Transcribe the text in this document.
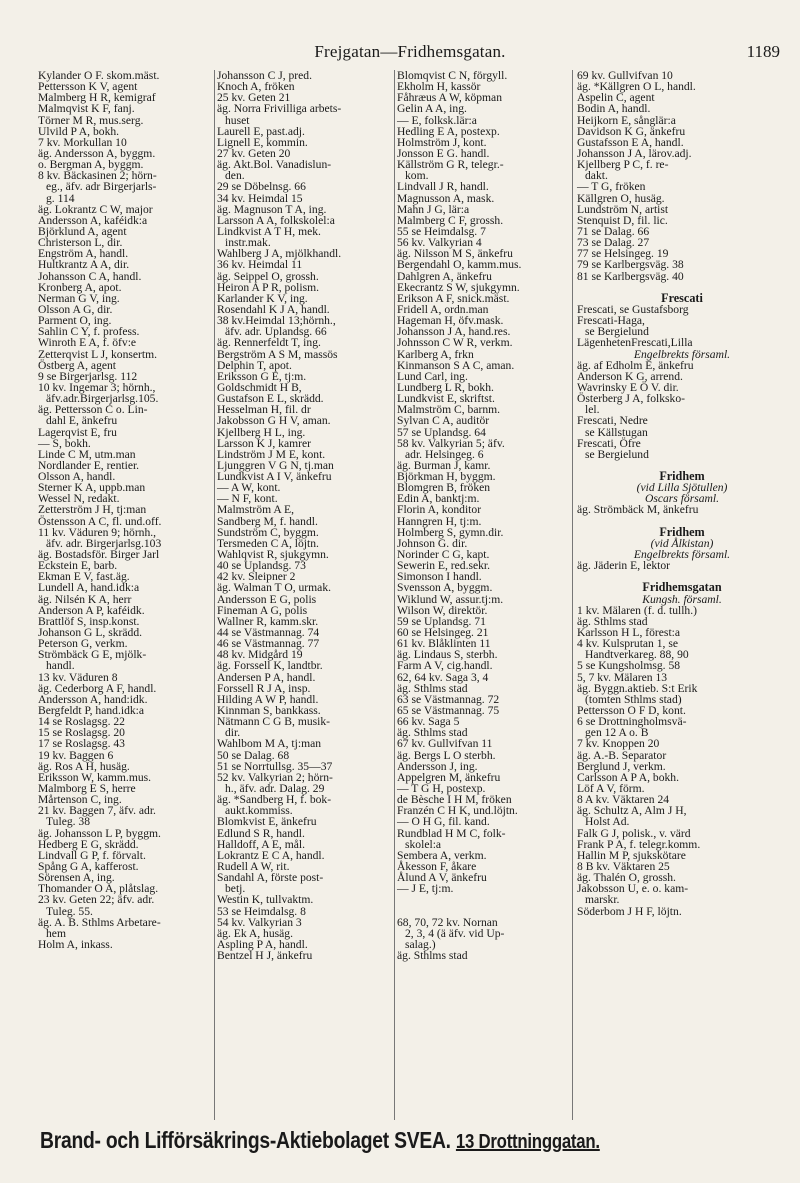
Frejgatan—Fridhemsgatan.	1189
Kylander O F. skom.mäst.
Pettersson K V, agent
Malmberg H R, kemigraf
Malmqvist K F, fanj.
Törner M R, mus.serg.
Ulvild P A, bokh.
7 kv. Morkullan 10
äg. Andersson A, byggm.
o. Bergman A, byggm.
8 kv. Bäckasinen 2; hörn-
eg., äfv. adr Birgerjarls-
g. 114
äg. Lokrantz C W, major
Andersson A, kaféidk:a
Björklund A, agent
Christerson L, dir.
Engström A, handl.
Hultkrantz A A, dir.
Johansson C A, handl.
Kronberg A, apot.
Nerman G V, ing.
Olsson A G, dir.
Parment O, ing.
Sahlin C Y, f. profess.
Winroth E A, f. öfv:e
Zetterqvist L J, konsertm.
Östberg A, agent
9 se Birgerjarlsg. 112
10 kv. Ingemar 3; hörnh.,
äfv.adr.Birgerjarlsg.105.
äg. Pettersson C o. Lin-
dahl E, änkefru
Lagerqvist E, fru
— S, bokh.
Linde C M, utm.man
Nordlander E, rentier.
Olsson A, handl.
Sterner K A, uppb.man
Wessel N, redakt.
Zetterström J H, tj:man
Östensson A C, fl. und.off.
11 kv. Väduren 9; hörnh.,
äfv. adr. Birgerjarlsg.103
äg. Bostadsför. Birger Jarl
Eckstein E, barb.
Ekman E V, fast.äg.
Lundell A, hand.idk:a
äg. Nilsén K A, herr
Anderson A P, kaféidk.
Brattlöf S, insp.konst.
Johanson G L, skrädd.
Peterson G, verkm.
Strömbäck G E, mjölk-
handl.
13 kv. Väduren 8
äg. Cederborg A F, handl.
Andersson A, hand:idk.
Bergfeldt P, hand.idk:a
14 se Roslagsg. 22
15 se Roslagsg. 20
17 se Roslagsg. 43
19 kv. Baggen 6
äg. Ros A H, husäg.
Eriksson W, kamm.mus.
Malmborg E S, herre
Mårtenson C, ing.
21 kv. Baggen 7, äfv. adr.
Tuleg. 38
äg. Johansson L P, byggm.
Hedberg E G, skrädd.
Lindvall G P, f. förvalt.
Spång G A, kafferost.
Sörensen A, ing.
Thomander O A, plåtslag.
23 kv. Geten 22; äfv. adr.
Tuleg. 55.
äg. A. B. Sthlms Arbetare-
hem
Holm A, inkass.
Johansson C J, pred.
Knoch A, fröken
25 kv. Geten 21
äg. Norra Frivilliga arbets-
huset
Laurell E, past.adj.
Lignell E, kommin.
27 kv. Geten 20
äg. Akt.Bol. Vanadislun-
den.
29 se Döbelnsg. 66
34 kv. Heimdal 15
äg. Magnuson T A, ing.
Larsson A A, folkskolel:a
Lindkvist A T H, mek.
instr.mak.
Wahlberg J A, mjölkhandl.
36 kv. Heimdal 11
äg. Seippel O, grossh.
Heiron A P R, polism.
Karlander K V, ing.
Rosendahl K J A, handl.
38 kv.Heimdal 13;hörnh.,
äfv. adr. Uplandsg. 66
äg. Rennerfeldt T, ing.
Bergström A S M, massös
Delphin T, apot.
Eriksson G E, tj:m.
Goldschmidt H B,
Gustafson E L, skrädd.
Hesselman H, fil. dr
Jakobsson G H V, aman.
Kjellberg H L, ing.
Larsson K J, kamrer
Lindström J M E, kont.
Ljunggren V G N, tj.man
Lundkvist A I V, änkefru
— A W, kont.
— N F, kont.
Malmström A E,
Sandberg M, f. handl.
Sundström C, byggm.
Tersmeden C A, löjtn.
Wahlqvist R, sjukgymn.
40 se Uplandsg. 73
42 kv. Sleipner 2
äg. Walman T O, urmak.
Andersson E G, polis
Fineman A G, polis
Wallner R, kamm.skr.
44 se Västmannag. 74
46 se Västmannag. 77
48 kv. Midgård 19
äg. Forssell K, landtbr.
Andersen P A, handl.
Forssell R J A, insp.
Hilding A W P, handl.
Kinnman S, bankkass.
Nätmann C G B, musik-
dir.
Wahlbom M A, tj:man
50 se Dalag. 68
51 se Norrtullsg. 35—37
52 kv. Valkyrian 2; hörn-
h., äfv. adr. Dalag. 29
äg. *Sandberg H, f. bok-
aukt.kommiss.
Blomkvist E, änkefru
Edlund S R, handl.
Halldoff, A E, mål.
Lokrantz E C A, handl.
Rudell A W, rit.
Sandahl A, förste post-
betj.
Westin K, tullvaktm.
53 se Heimdalsg. 8
54 kv. Valkyrian 3
äg. Ek A, husäg.
Aspling P A, handl.
Bentzel H J, änkefru
Blomqvist C N, förgyll.
Ekholm H, kassör
Fåhræus A W, köpman
Gelin A A, ing.
— E, folksk.lär:a
Hedling E A, postexp.
Holmström J, kont.
Jonsson E G. handl.
Källström G R, telegr.-
kom.
Lindvall J R, handl.
Magnusson A, mask.
Mahn J G, lär:a
Malmberg C F, grossh.
55 se Heimdalsg. 7
56 kv. Valkyrian 4
äg. Nilsson M S, änkefru
Bergendahl O, kamm.mus.
Dahlgren A, änkefru
Ekecrantz S W, sjukgymn.
Erikson A F, snick.mäst.
Fridell A, ordn.man
Hageman H, öfv.mask.
Johansson J A, hand.res.
Johnsson C W R, verkm.
Karlberg A, frkn
Kinmanson S A C, aman.
Lund Carl, ing.
Lundberg L R, bokh.
Lundkvist E, skriftst.
Malmström C, barnm.
Sylvan C A, auditör
57 se Uplandsg. 64
58 kv. Valkyrian 5; äfv.
adr. Helsingeg. 6
äg. Burman J, kamr.
Björkman H, byggm.
Blomgren B, fröken
Edin A, banktj:m.
Florin A, konditor
Hanngren H, tj:m.
Holmberg S, gymn.dir.
Johnson G. dir.
Norinder C G, kapt.
Sewerin E, red.sekr.
Simonson I handl.
Svensson A, byggm.
Wiklund W, assur.tj:m.
Wilson W, direktör.
59 se Uplandsg. 71
60 se Helsingeg. 21
61 kv. Blåklinten 11
äg. Lindaus S, sterbh.
Farm A V, cig.handl.
62, 64 kv. Saga 3, 4
äg. Sthlms stad
63 se Västmannag. 72
65 se Västmannag. 75
66 kv. Saga 5
äg. Sthlms stad
67 kv. Gullvifvan 11
äg. Bergs L O sterbh.
Andersson J, ing.
Appelgren M, änkefru
— T G H, postexp.
de Bèsche I H M, fröken
Franzén C H K, und.löjtn.
— O H G, fil. kand.
Rundblad H M C, folk-
skolel:a
Sembera A, verkm.
Åkesson F, åkare
Ålund A V, änkefru
— J E, tj:m.
68, 70, 72 kv. Nornan
2, 3, 4 (ä äfv. vid Up-
salag.)
äg. Sthlms stad
69 kv. Gullvifvan 10
äg. *Källgren O L, handl.
Aspelin C, agent
Bodin A, handl.
Heijkorn E, sånglär:a
Davidson K G, änkefru
Gustafsson E A, handl.
Johansson J A, lärov.adj.
Kjellberg P C, f. re-
dakt.
— T G, fröken
Källgren O, husäg.
Lundström N, artist
Stenquist D, fil. lic.
71 se Dalag. 66
73 se Dalag. 27
77 se Helsingeg. 19
79 se Karlbergsväg. 38
81 se Karlbergsväg. 40
Frescati
Frescati, se Gustafsborg
Frescati-Haga,
se Bergielund
LägenhetenFrescati,Lilla
Engelbrekts församl.
äg. af Edholm E, änkefru
Anderson K G, arrend.
Wavrinsky E Ö V. dir.
Österberg J A, folksko-
lel.
Frescati, Nedre
se Källstugan
Frescati, Öfre
se Bergielund
Fridhem
(vid Lilla Sjötullen)
Oscars församl.
äg. Strömbäck M, änkefru
Fridhem
(vid Ålkistan)
Engelbrekts församl.
äg. Jäderin E, lektor
Fridhemsgatan
Kungsh. församl.
1 kv. Mälaren (f. d. tullh.)
äg. Sthlms stad
Karlsson H L, förest:a
4 kv. Kulsprutan 1, se
Handtverkareg. 88, 90
5 se Kungsholmsg. 58
5, 7 kv. Mälaren 13
äg. Byggn.aktieb. S:t Erik
(tomten Sthlms stad)
Pettersson O F D, kont.
6 se Drottningholmsvä-
gen 12 A o. B
7 kv. Knoppen 20
äg. A.-B. Separator
Berglund J, verkm.
Carlsson A P A, bokh.
Löf A V, förm.
8 A kv. Väktaren 24
äg. Schultz A, Alm J H,
Holst Ad.
Falk G J, polisk., v. värd
Frank P A, f. telegr.komm.
Hallin M P, sjukskötare
8 B kv. Väktaren 25
äg. Thalén O, grossh.
Jakobsson U, e. o. kam-
marskr.
Söderbom J H F, löjtn.
Brand- och Lifförsäkrings-Aktiebolaget SVEA. 13 Drottninggatan.
